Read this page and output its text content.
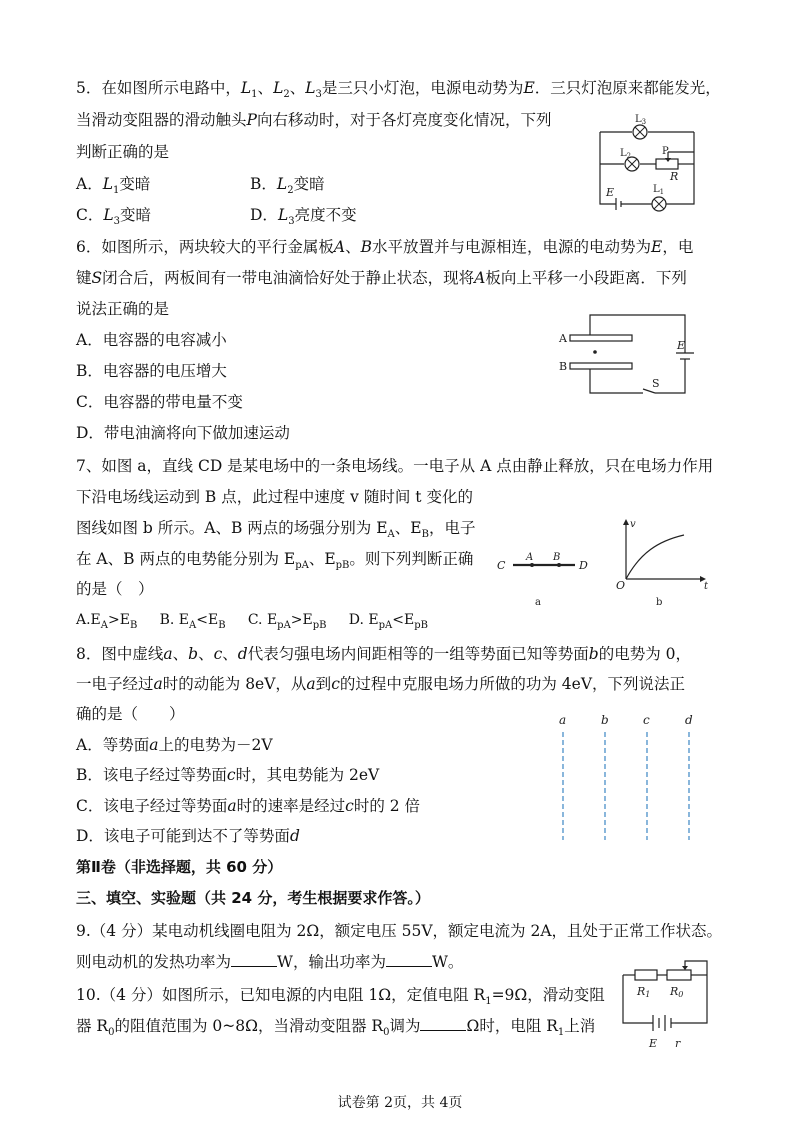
5．在如图所示电路中，$L_1$、$L_2$、$L_3$是三只小灯泡，电源电动势为E．三只灯泡原来都能发光，
当滑动变阻器的滑动触头P向右移动时，对于各灯亮度变化情况，下列
判断正确的是
A．$L_1$变暗	B．$L_2$变暗
C．$L_3$变暗	D．$L_3$亮度不变
$L_3$
$L_2$	P
R
E	$L_1$
6．如图所示，两块较大的平行金属板A、B水平放置并与电源相连，电源的电动势为E，电
键S闭合后，两板间有一带电油滴恰好处于静止状态，现将A板向上平移一小段距离．下列
说法正确的是
A．电容器的电容减小
B．电容器的电压增大
C．电容器的带电量不变
D．带电油滴将向下做加速运动
A
B
E
S
7、如图 a，直线 CD 是某电场中的一条电场线。一电子从 A 点由静止释放，只在电场力作用
下沿电场线运动到 B 点，此过程中速度 v 随时间 t 变化的
图线如图 b 所示。A、B 两点的场强分别为 $E_A$、$E_B$，电子
在 A、B 两点的电势能分别为 $E_{pA}$、$E_{pB}$。则下列判断正确
的是（　）
$A.E_A>E_B$ B. $E_A<E_B$ C. $E_{pA}>E_{pB}$ D. $E_{pA}<E_{pB}$
C
A B
D
a
v
O	t
b
8．图中虚线a、b、c、d代表匀强电场内间距相等的一组等势面已知等势面b的电势为 0，
一电子经过a时的动能为 8eV，从a到c的过程中克服电场力所做的功为 4eV，下列说法正
确的是（　　）
A．等势面a上的电势为－2V
B．该电子经过等势面c时，其电势能为 2eV
C．该电子经过等势面a时的速率是经过c时的 2 倍
D．该电子可能到达不了等势面d
a	b	c	d
第Ⅱ卷（非选择题，共 60 分）
三、填空、实验题（共 24 分，考生根据要求作答。）
9.（4 分）某电动机线圈电阻为 2Ω，额定电压 55V，额定电流为 2A，且处于正常工作状态。
则电动机的发热功率为	W，输出功率为	W。
10.（4 分）如图所示，已知电源的内电阻 1Ω，定值电阻 $R_1=9\Omega$，滑动变阻
器 $R_0$的阻值范围为 0~8Ω，当滑动变阻器 $R_0$调为	Ω时，电阻 $R_1$上消
R1 R0
E r
试卷第 2页，共 4页
